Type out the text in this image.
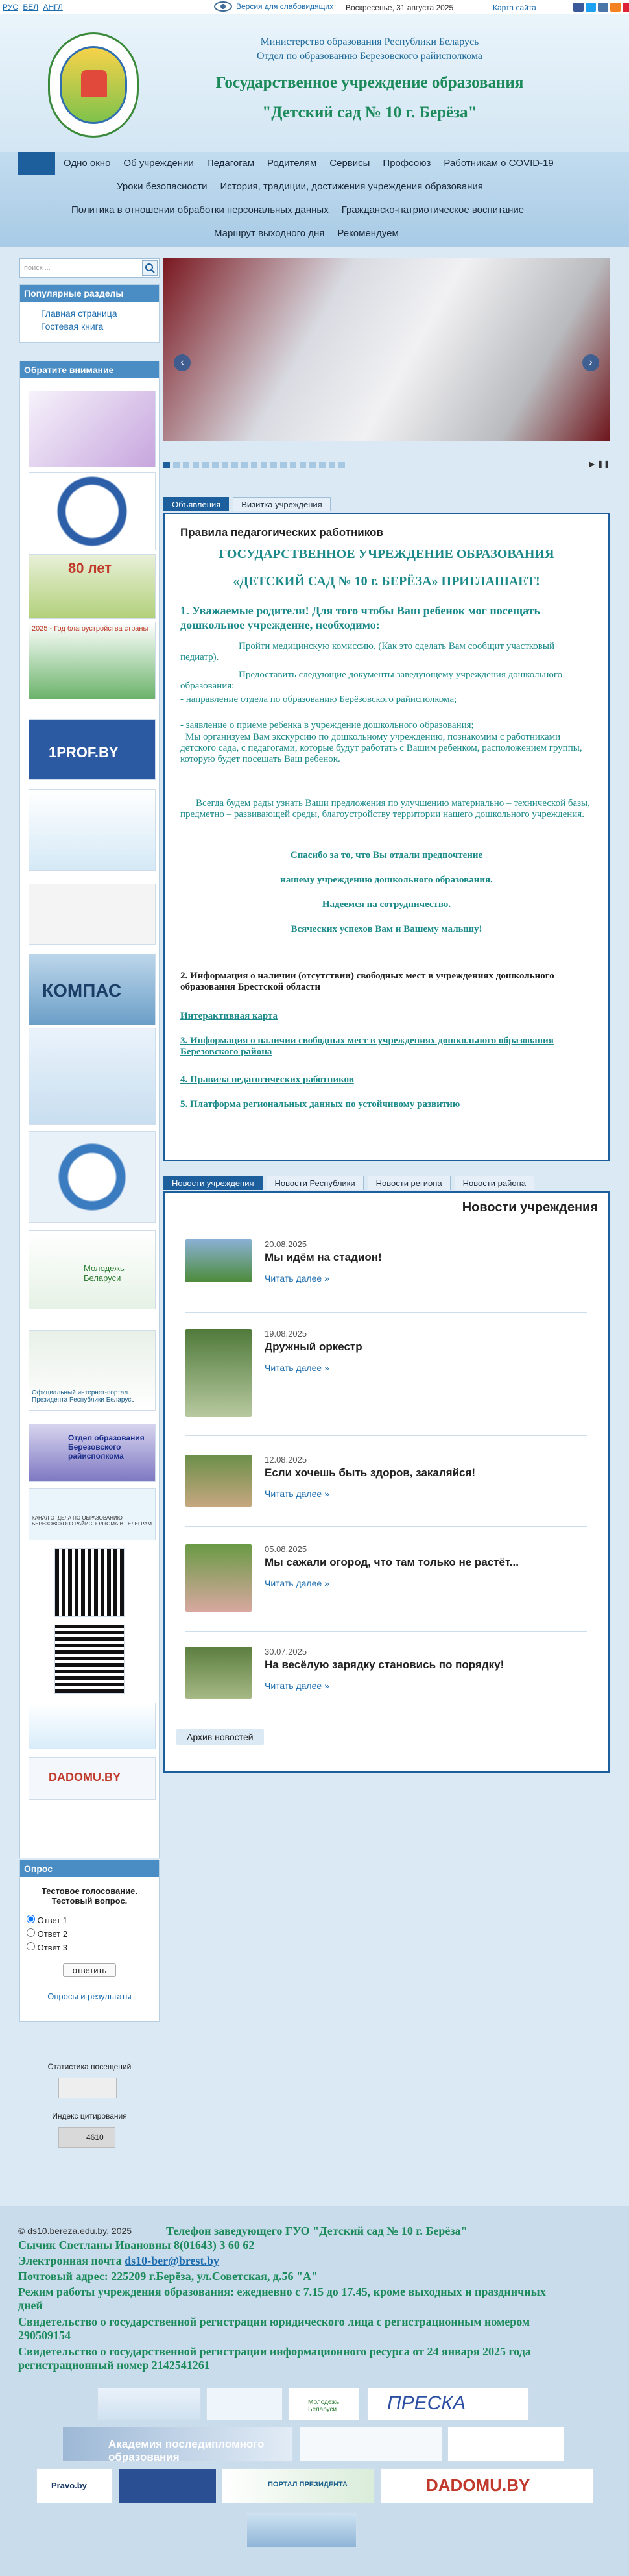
РУС БЕЛ АНГЛ	Версия для слабовидящих Воскресенье, 31 августа 2025	Карта сайта
Министерство образования Республики Беларусь
Отдел по образованию Березовского райисполкома
Государственное учреждение образования
"Детский сад № 10 г. Берёза"
Одно окно	Об учреждении	Педагогам	Родителям	Сервисы	Профсоюз	Работникам о COVID-19
Уроки безопасности	История, традиции, достижения учреждения образования
Политика в отношении обработки персональных данных	Гражданско-патриотическое воспитание
Маршрут выходного дня	Рекомендуем
поиск ...
Популярные разделы
Главная страница
Гостевая книга
Обратите внимание
80 лет
2025 - Год благоустройства страны
1PROF.BY
КОМПАС
Молодежь Беларуси
Официальный интернет-портал Президента Республики Беларусь
Отдел образования Березовского райисполкома
КАНАЛ ОТДЕЛА ПО ОБРАЗОВАНИЮ БЕРЕЗОВСКОГО РАЙИСПОЛКОМА В ТЕЛЕГРАМ
DADOMU.BY
Опрос

Тестовое голосование. Тестовый вопрос.

Ответ 1
Ответ 2
Ответ 3
ответить
Опросы и результаты
Статистика посещений
Индекс цитирования
4610
‹	›
▶ ❚❚
Объявления	Визитка учреждения
Правила педагогических работников
ГОСУДАРСТВЕННОЕ УЧРЕЖДЕНИЕ ОБРАЗОВАНИЯ
«ДЕТСКИЙ САД № 10 г. БЕРЁЗА» ПРИГЛАШАЕТ!
1. Уважаемые родители! Для того чтобы Ваш ребенок мог посещать дошкольное учреждение, необходимо:
Пройти медицинскую комиссию. (Как это сделать Вам сообщит участковый педиатр).
Предоставить следующие документы заведующему учреждения дошкольного образования:
- направление отдела по образованию Берёзовского райисполкома;
- заявление о приеме ребенка в учреждение дошкольного образования;
Мы организуем Вам экскурсию по дошкольному учреждению, познакомим с работниками детского сада, с педагогами, которые будут работать с Вашим ребенком, расположением группы, которую будет посещать Ваш ребенок.
Всегда будем рады узнать Ваши предложения по улучшению материально – технической базы, предметно – развивающей среды, благоустройству территории нашего дошкольного учреждения.
Спасибо за то, что Вы отдали предпочтение
нашему учреждению дошкольного образования.
Надеемся на сотрудничество.
Всяческих успехов Вам и Вашему малышу!
2. Информация о наличии (отсутствии) свободных мест в учреждениях дошкольного образования Брестской области
Интерактивная карта
3. Информация о наличии свободных мест в учреждениях дошкольного образования Березовского района
4. Правила педагогических работников
5. Платформа региональных данных по устойчивому развитию
Новости учреждения	Новости Республики	Новости региона	Новости района
Новости учреждения
20.08.2025
Мы идём на стадион!
Читать далее »
19.08.2025
Дружный оркестр
Читать далее »
12.08.2025
Если хочешь быть здоров, закаляйся!
Читать далее »
05.08.2025
Мы сажали огород, что там только не растёт...
Читать далее »
30.07.2025
На весёлую зарядку становись по порядку!
Читать далее »
Архив новостей
© ds10.bereza.edu.by, 2025	Телефон заведующего ГУО "Детский сад № 10 г. Берёза"
Сычик Светланы Ивановны 8(01643) 3 60 62
Электронная почта ds10-ber@brest.by
Почтовый адрес: 225209 г.Берёза, ул.Советская, д.56 "А"
Режим работы учреждения образования: ежедневно с 7.15 до 17.45, кроме выходных и праздничных дней
Свидетельство о государственной регистрации юридического лица с регистрационным номером 290509154
Свидетельство о государственной регистрации информационного ресурса от 24 января 2025 года регистрационный номер 2142541261
Молодежь Беларуси	ПРЕСКА
Академия последипломного образования
Pravo.by	ПОРТАЛ ПРЕЗИДЕНТА	DADOMU.BY
